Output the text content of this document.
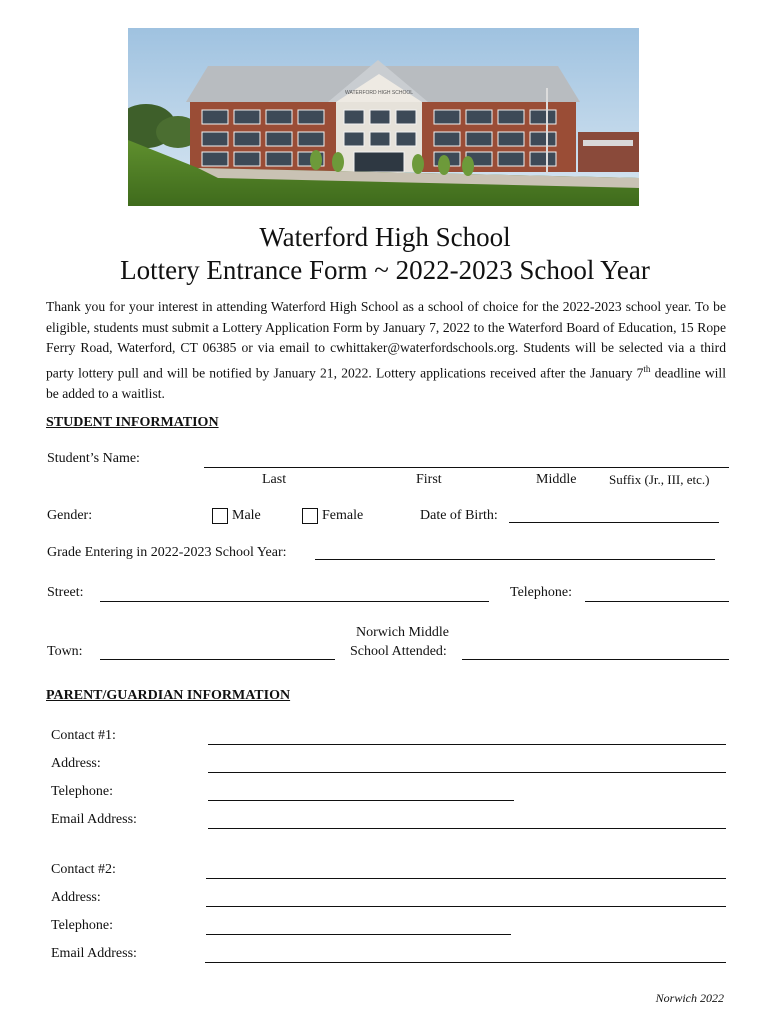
WATERFORD HIGH SCHOOL
Waterford High School
Lottery Entrance Form ~ 2022-2023 School Year
Thank you for your interest in attending Waterford High School as a school of choice for the 2022-2023 school year. To be eligible, students must submit a Lottery Application Form by January 7, 2022 to the Waterford Board of Education, 15 Rope Ferry Road, Waterford, CT 06385 or via email to cwhittaker@waterfordschools.org. Students will be selected via a third party lottery pull and will be notified by January 21, 2022. Lottery applications received after the January 7th deadline will be added to a waitlist.
STUDENT INFORMATION
Student’s Name:
Last	First	Middle	Suffix (Jr., III, etc.)
Gender:	Male	Female	Date of Birth:
Grade Entering in 2022-2023 School Year:
Street:	Telephone:
Norwich Middle
School Attended:
Town:
PARENT/GUARDIAN INFORMATION
Contact #1:
Address:
Telephone:
Email Address:
Contact #2:
Address:
Telephone:
Email Address:
Norwich 2022
